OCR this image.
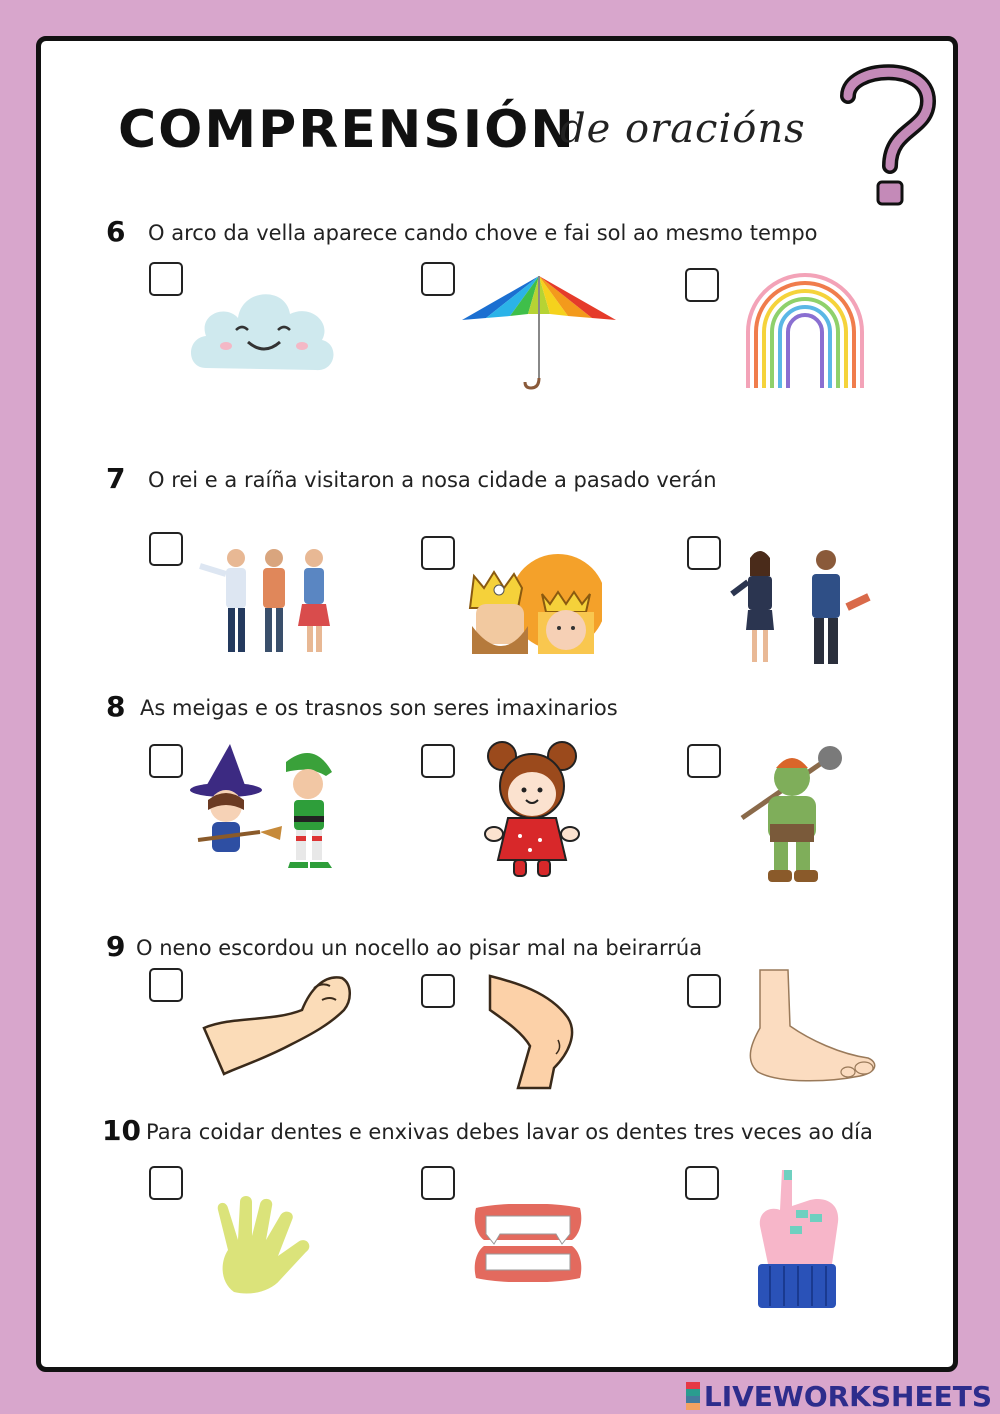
COMPRENSIÓN
de oracións
6 O arco da vella aparece cando chove e fai sol ao mesmo tempo
7 O rei e a raíña visitaron a nosa cidade a pasado verán
8 As meigas e os trasnos son seres imaxinarios
9 O neno escordou un nocello ao pisar mal na beirarrúa
10 Para coidar dentes e enxivas debes lavar os dentes tres veces ao día
LIVEWORKSHEETS
